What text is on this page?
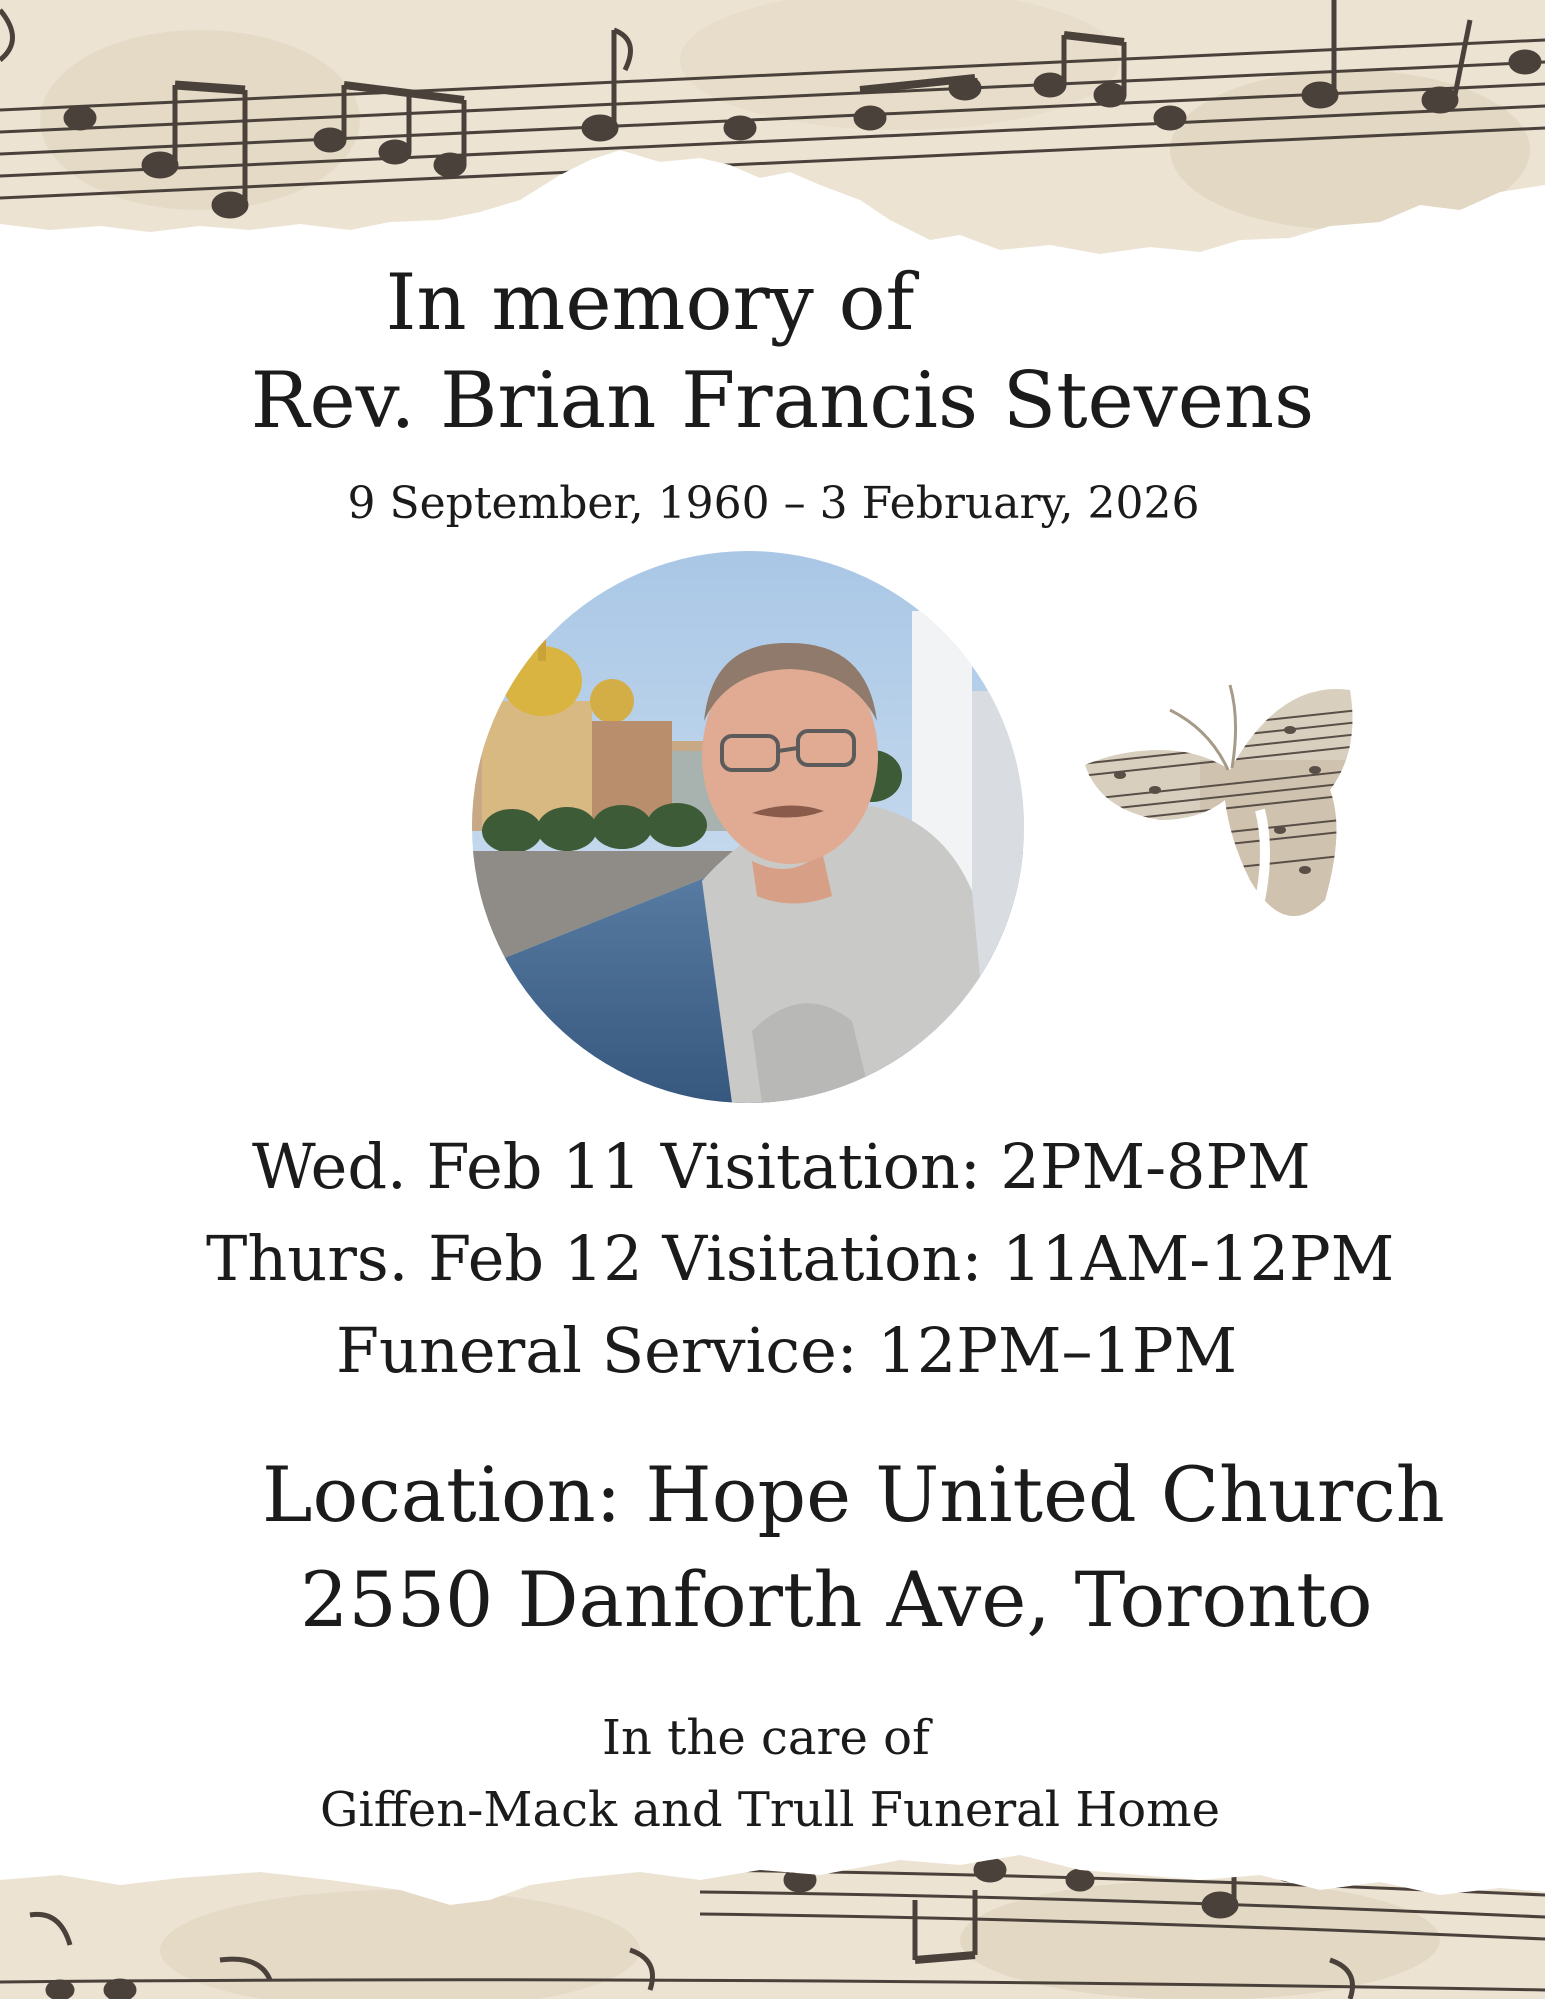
In memory of
Rev. Brian Francis Stevens

9 September, 1960 – 3 February, 2026

Wed. Feb 11 Visitation: 2PM-8PM
Thurs. Feb 12 Visitation: 11AM-12PM
Funeral Service: 12PM–1PM
Location: Hope United Church
2550 Danforth Ave, Toronto
In the care of
Giffen-Mack and Trull Funeral Home
